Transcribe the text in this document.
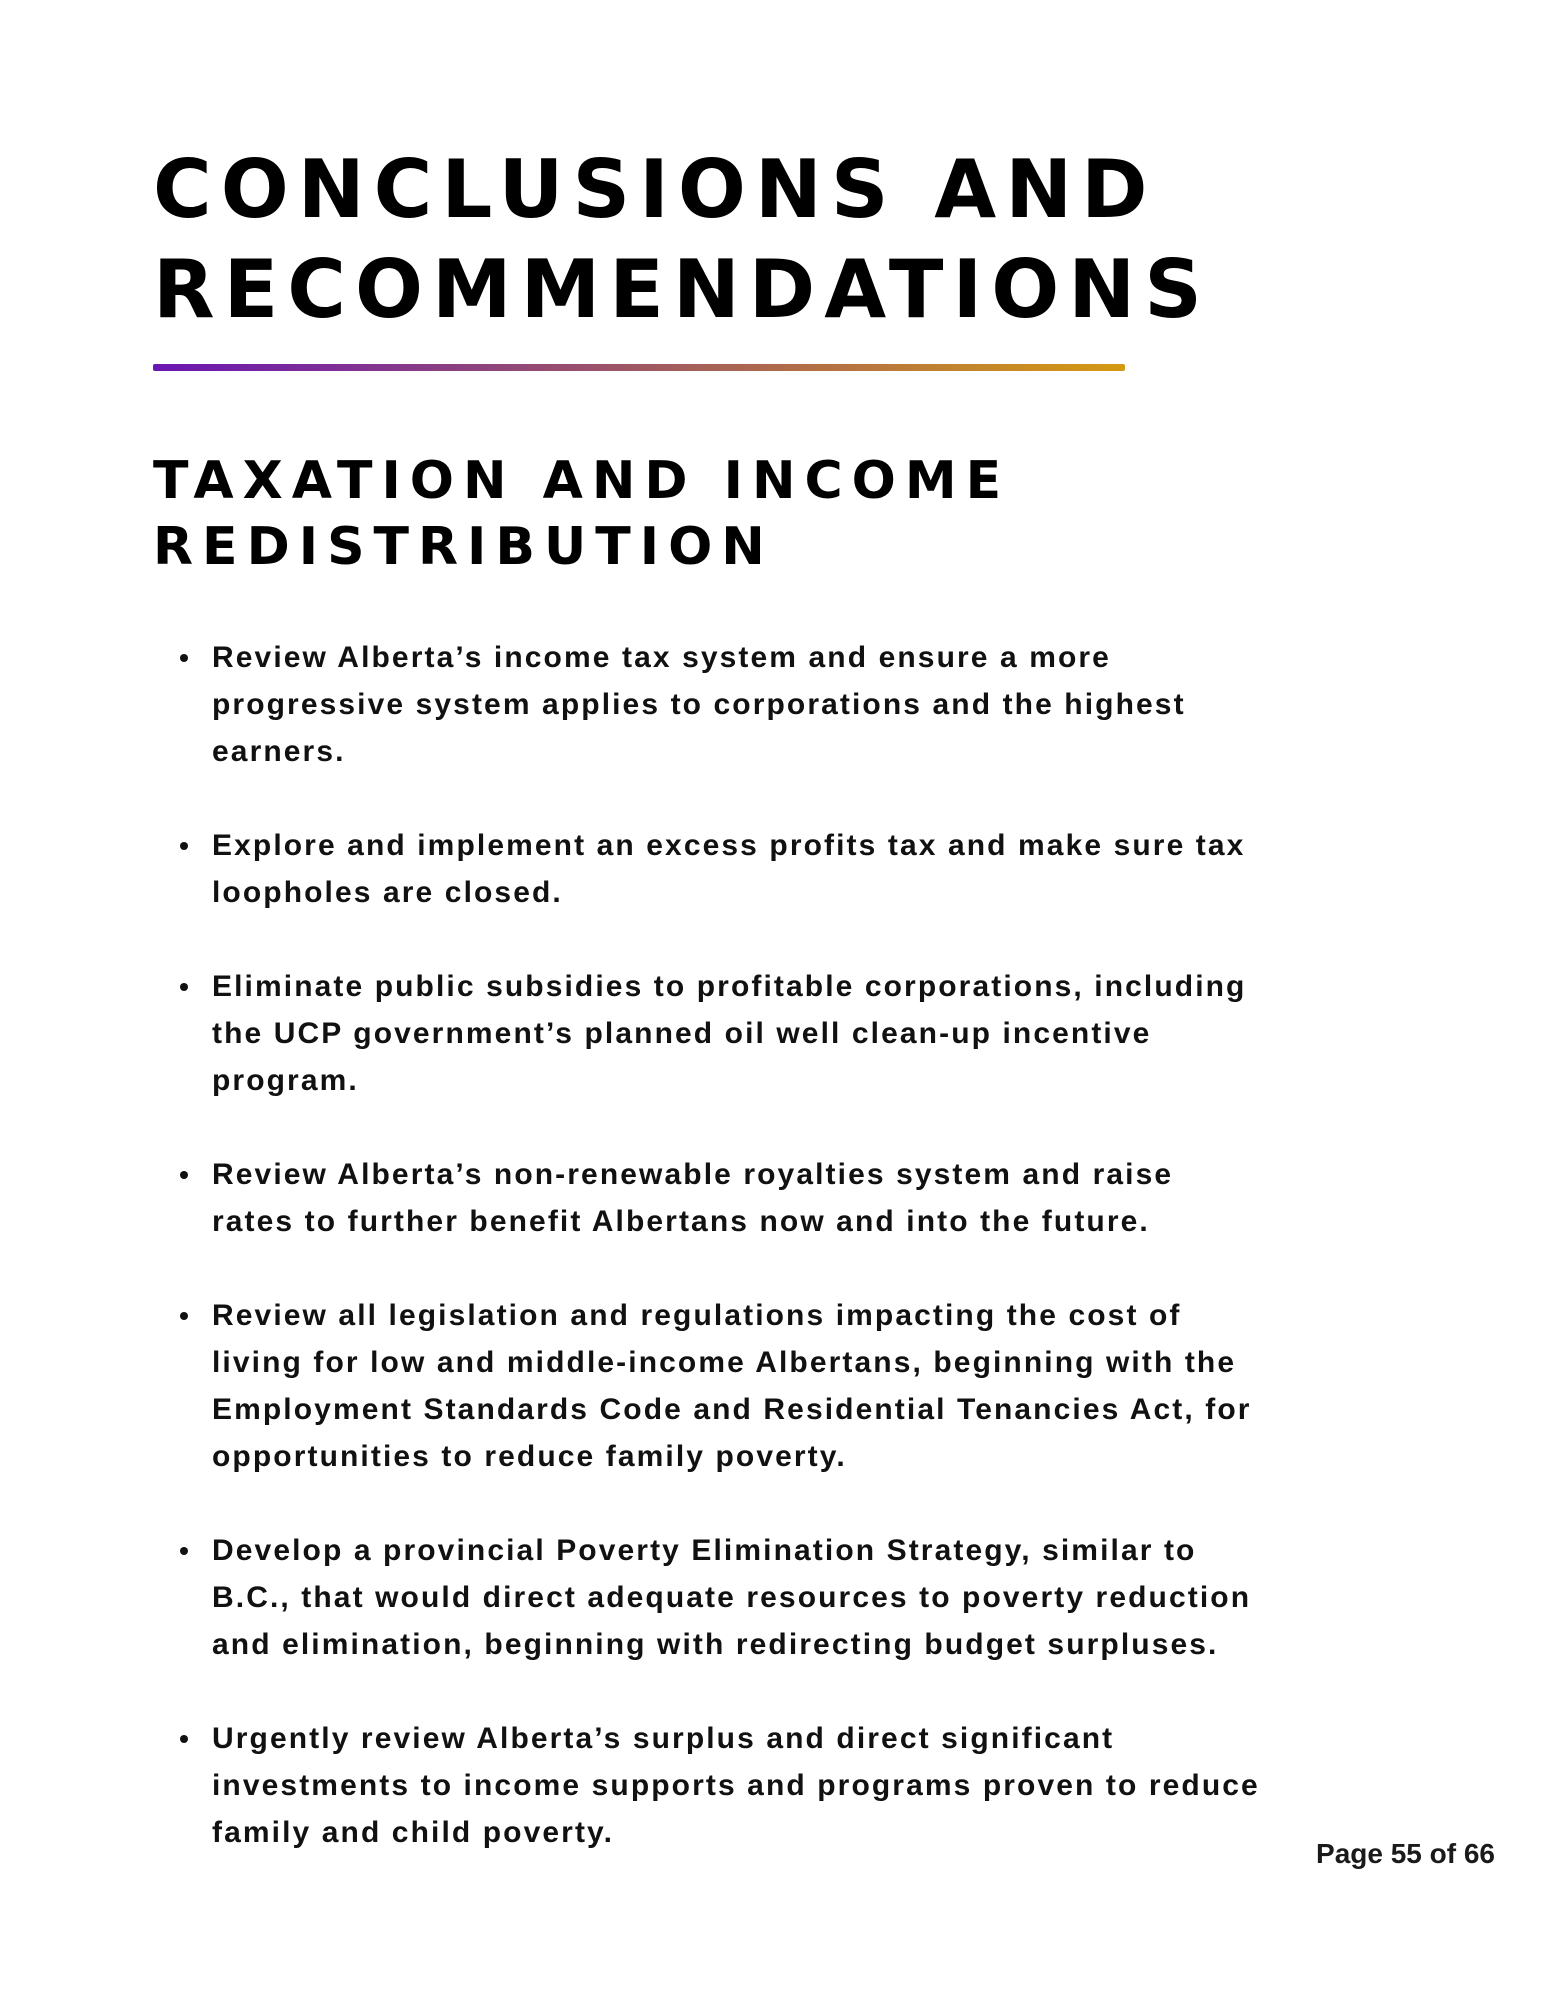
CONCLUSIONS AND
RECOMMENDATIONS
TAXATION AND INCOME
REDISTRIBUTION
Review Alberta’s income tax system and ensure a more
progressive system applies to corporations and the highest
earners.
Explore and implement an excess profits tax and make sure tax
loopholes are closed.
Eliminate public subsidies to profitable corporations, including
the UCP government’s planned oil well clean-up incentive
program.
Review Alberta’s non-renewable royalties system and raise
rates to further benefit Albertans now and into the future.
Review all legislation and regulations impacting the cost of
living for low and middle-income Albertans, beginning with the
Employment Standards Code and Residential Tenancies Act, for
opportunities to reduce family poverty.
Develop a provincial Poverty Elimination Strategy, similar to
B.C., that would direct adequate resources to poverty reduction
and elimination, beginning with redirecting budget surpluses.
Urgently review Alberta’s surplus and direct significant
investments to income supports and programs proven to reduce
family and child poverty.
Page 55 of 66
